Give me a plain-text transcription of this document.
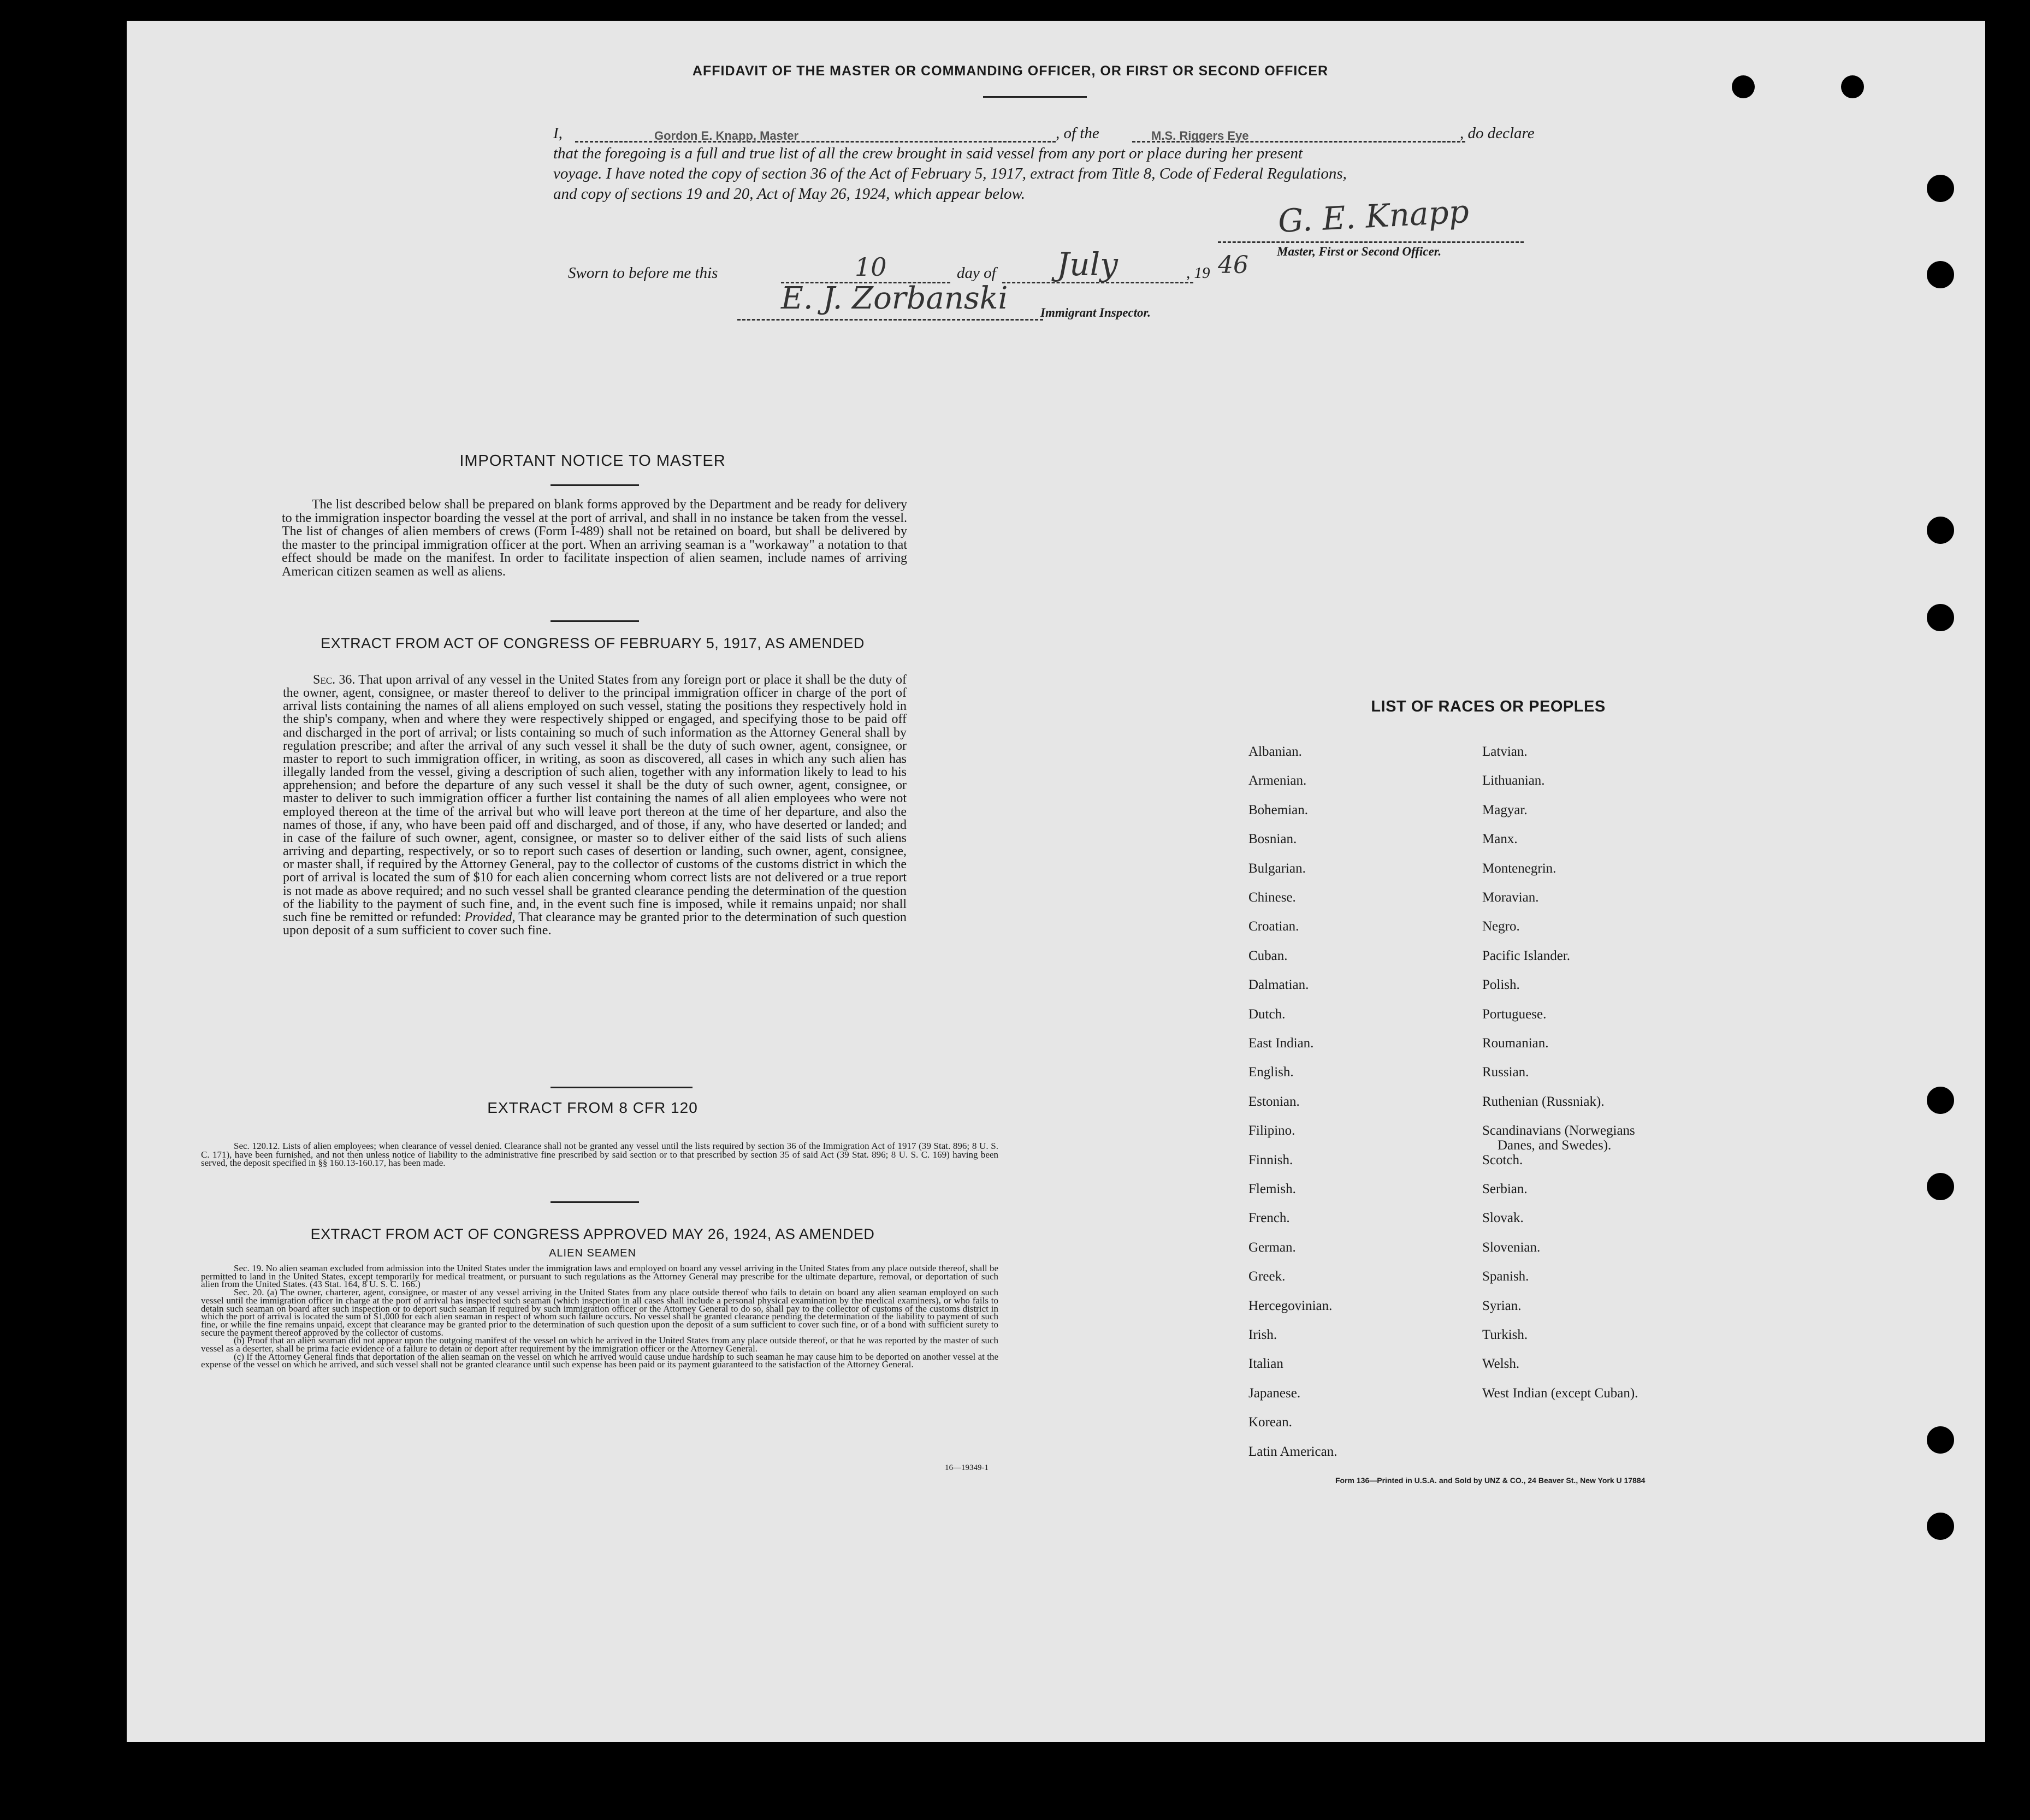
AFFIDAVIT OF THE MASTER OR COMMANDING OFFICER, OR FIRST OR SECOND OFFICER
I,	Gordon E. Knapp, Master	, of the	M.S. Riggers Eye	, do declare
that the foregoing is a full and true list of all the crew brought in said vessel from any port or place during her present
voyage. I have noted the copy of section 36 of the Act of February 5, 1917, extract from Title 8, Code of Federal Regulations,
and copy of sections 19 and 20, Act of May 26, 1924, which appear below.	G. E. Knapp
Master, First or Second Officer.
Sworn to before me this	10	day of July	, 19 46
E. J. Zorbanski	Immigrant Inspector.
IMPORTANT NOTICE TO MASTER
The list described below shall be prepared on blank forms approved by the Department and be ready for delivery to the immigration inspector boarding the vessel at the port of arrival, and shall in no instance be taken from the vessel. The list of changes of alien members of crews (Form I-489) shall not be retained on board, but shall be delivered by the master to the principal immigration officer at the port. When an arriving seaman is a "workaway" a notation to that effect should be made on the manifest. In order to facilitate inspection of alien seamen, include names of arriving American citizen seamen as well as aliens.
EXTRACT FROM ACT OF CONGRESS OF FEBRUARY 5, 1917, AS AMENDED
Sec. 36. That upon arrival of any vessel in the United States from any foreign port or place it shall be the duty of the owner, agent, consignee, or master thereof to deliver to the principal immigration officer in charge of the port of arrival lists containing the names of all aliens employed on such vessel, stating the positions they respectively hold in the ship's company, when and where they were respectively shipped or engaged, and specifying those to be paid off and discharged in the port of arrival; or lists containing so much of such information as the Attorney General shall by regulation prescribe; and after the arrival of any such vessel it shall be the duty of such owner, agent, consignee, or master to report to such immigration officer, in writing, as soon as discovered, all cases in which any such alien has illegally landed from the vessel, giving a description of such alien, together with any information likely to lead to his apprehension; and before the departure of any such vessel it shall be the duty of such owner, agent, consignee, or master to deliver to such immigration officer a further list containing the names of all alien employees who were not employed thereon at the time of the arrival but who will leave port thereon at the time of her departure, and also the names of those, if any, who have been paid off and discharged, and of those, if any, who have deserted or landed; and in case of the failure of such owner, agent, consignee, or master so to deliver either of the said lists of such aliens arriving and departing, respectively, or so to report such cases of desertion or landing, such owner, agent, consignee, or master shall, if required by the Attorney General, pay to the collector of customs of the customs district in which the port of arrival is located the sum of $10 for each alien concerning whom correct lists are not delivered or a true report is not made as above required; and no such vessel shall be granted clearance pending the determination of the question of the liability to the payment of such fine, and, in the event such fine is imposed, while it remains unpaid; nor shall such fine be remitted or refunded: Provided, That clearance may be granted prior to the determination of such question upon deposit of a sum sufficient to cover such fine.
EXTRACT FROM 8 CFR 120
Sec. 120.12. Lists of alien employees; when clearance of vessel denied. Clearance shall not be granted any vessel until the lists required by section 36 of the Immigration Act of 1917 (39 Stat. 896; 8 U. S. C. 171), have been furnished, and not then unless notice of liability to the administrative fine prescribed by said section or to that prescribed by section 35 of said Act (39 Stat. 896; 8 U. S. C. 169) having been served, the deposit specified in §§ 160.13-160.17, has been made.
EXTRACT FROM ACT OF CONGRESS APPROVED MAY 26, 1924, AS AMENDED
ALIEN SEAMEN
Sec. 19. No alien seaman excluded from admission into the United States under the immigration laws and employed on board any vessel arriving in the United States from any place outside thereof, shall be permitted to land in the United States, except temporarily for medical treatment, or pursuant to such regulations as the Attorney General may prescribe for the ultimate departure, removal, or deportation of such alien from the United States. (43 Stat. 164, 8 U. S. C. 166.)
Sec. 20. (a) The owner, charterer, agent, consignee, or master of any vessel arriving in the United States from any place outside thereof who fails to detain on board any alien seaman employed on such vessel until the immigration officer in charge at the port of arrival has inspected such seaman (which inspection in all cases shall include a personal physical examination by the medical examiners), or who fails to detain such seaman on board after such inspection or to deport such seaman if required by such immigration officer or the Attorney General to do so, shall pay to the collector of customs of the customs district in which the port of arrival is located the sum of $1,000 for each alien seaman in respect of whom such failure occurs. No vessel shall be granted clearance pending the determination of the liability to payment of such fine, or while the fine remains unpaid, except that clearance may be granted prior to the determination of such question upon the deposit of a sum sufficient to cover such fine, or of a bond with sufficient surety to secure the payment thereof approved by the collector of customs.
(b) Proof that an alien seaman did not appear upon the outgoing manifest of the vessel on which he arrived in the United States from any place outside thereof, or that he was reported by the master of such vessel as a deserter, shall be prima facie evidence of a failure to detain or deport after requirement by the immigration officer or the Attorney General.
(c) If the Attorney General finds that deportation of the alien seaman on the vessel on which he arrived would cause undue hardship to such seaman he may cause him to be deported on another vessel at the expense of the vessel on which he arrived, and such vessel shall not be granted clearance until such expense has been paid or its payment guaranteed to the satisfaction of the Attorney General.
16—19349-1
LIST OF RACES OR PEOPLES
Form 136—Printed in U.S.A. and Sold by UNZ & CO., 24 Beaver St., New York U 17884
Albanian.
Armenian.
Bohemian.
Bosnian.
Bulgarian.
Chinese.
Croatian.
Cuban.
Dalmatian.
Dutch.
East Indian.
English.
Estonian.
Filipino.
Finnish.
Flemish.
French.
German.
Greek.
Hercegovinian.
Irish.
Italian
Japanese.
Korean.
Latin American.
Latvian.
Lithuanian.
Magyar.
Manx.
Montenegrin.
Moravian.
Negro.
Pacific Islander.
Polish.
Portuguese.
Roumanian.
Russian.
Ruthenian (Russniak).
Scandinavians (Norwegians
Danes, and Swedes).
Scotch.
Serbian.
Slovak.
Slovenian.
Spanish.
Syrian.
Turkish.
Welsh.
West Indian (except Cuban).
